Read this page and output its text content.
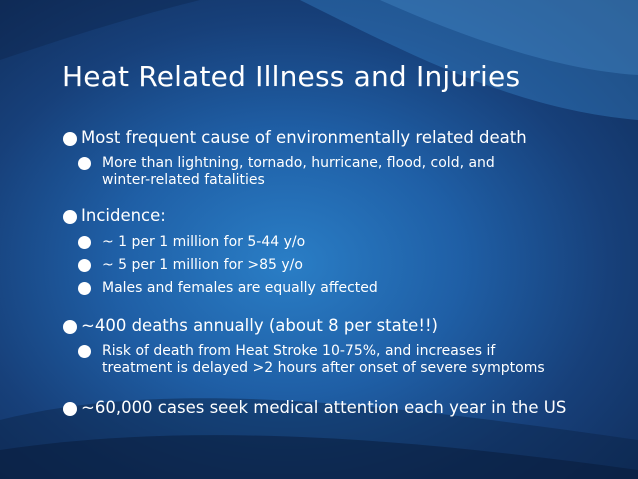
Heat Related Illness and Injuries
Most frequent cause of environmentally related death
More than lightning, tornado, hurricane, flood, cold, and
winter-related fatalities
Incidence:
~ 1 per 1 million for 5-44 y/o
~ 5 per 1 million for >85 y/o
Males and females are equally affected
~400 deaths annually (about 8 per state!!)
Risk of death from Heat Stroke 10-75%, and increases if
treatment is delayed >2 hours after onset of severe symptoms
~60,000 cases seek medical attention each year in the US
